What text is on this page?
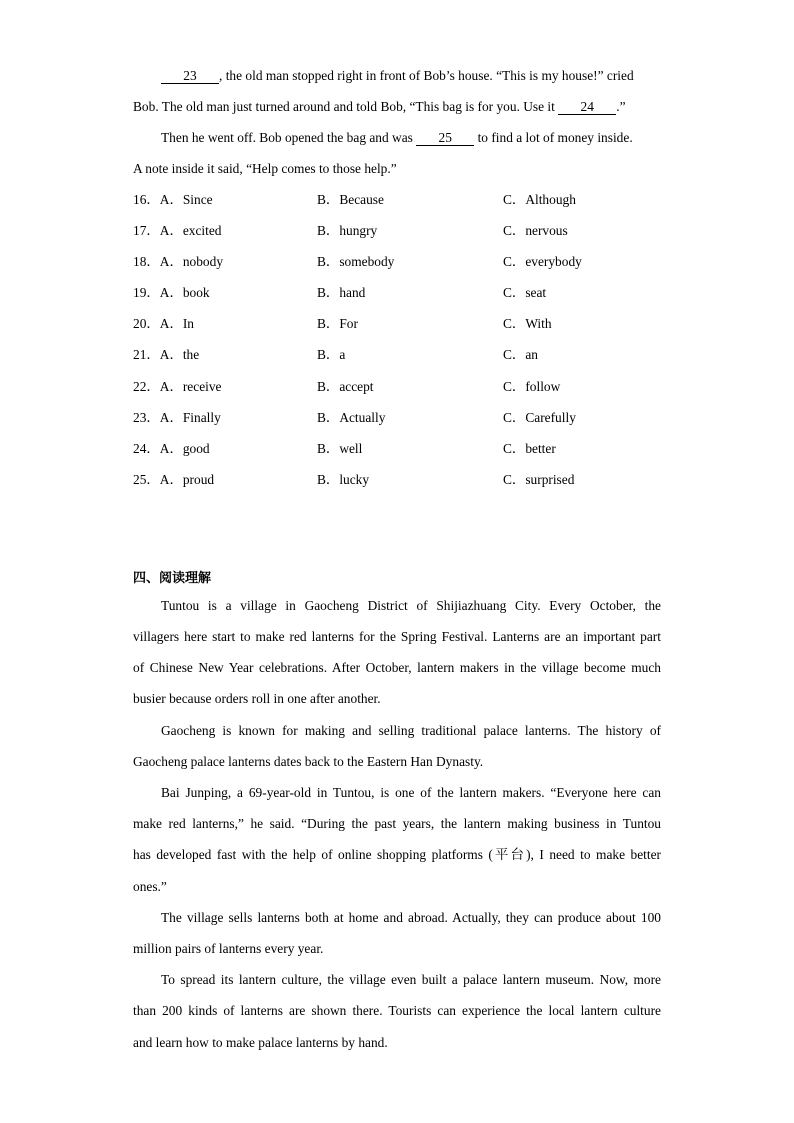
23 , the old man stopped right in front of Bob’s house. “This is my house!” cried
Bob. The old man just turned around and told Bob, “This bag is for you. Use it 24 .”
Then he went off. Bob opened the bag and was 25 to find a lot of money inside.
A note inside it said, “Help comes to those help.”
16．A．Since	B．Because	C．Although
17．A．excited	B．hungry	C．nervous
18．A．nobody	B．somebody	C．everybody
19．A．book	B．hand	C．seat
20．A．In	B．For	C．With
21．A．the	B．a	C．an
22．A．receive	B．accept	C．follow
23．A．Finally	B．Actually	C．Carefully
24．A．good	B．well	C．better
25．A．proud	B．lucky	C．surprised
四、阅读理解
Tuntou is a village in Gaocheng District of Shijiazhuang City. Every October, the
villagers here start to make red lanterns for the Spring Festival. Lanterns are an important part
of Chinese New Year celebrations. After October, lantern makers in the village become much
busier because orders roll in one after another.
Gaocheng is known for making and selling traditional palace lanterns. The history of
Gaocheng palace lanterns dates back to the Eastern Han Dynasty.
Bai Junping, a 69-year-old in Tuntou, is one of the lantern makers. “Everyone here can
make red lanterns,” he said. “During the past years, the lantern making business in Tuntou
has developed fast with the help of online shopping platforms (平台), I need to make better
ones.”
The village sells lanterns both at home and abroad. Actually, they can produce about 100
million pairs of lanterns every year.
To spread its lantern culture, the village even built a palace lantern museum. Now, more
than 200 kinds of lanterns are shown there. Tourists can experience the local lantern culture
and learn how to make palace lanterns by hand.
